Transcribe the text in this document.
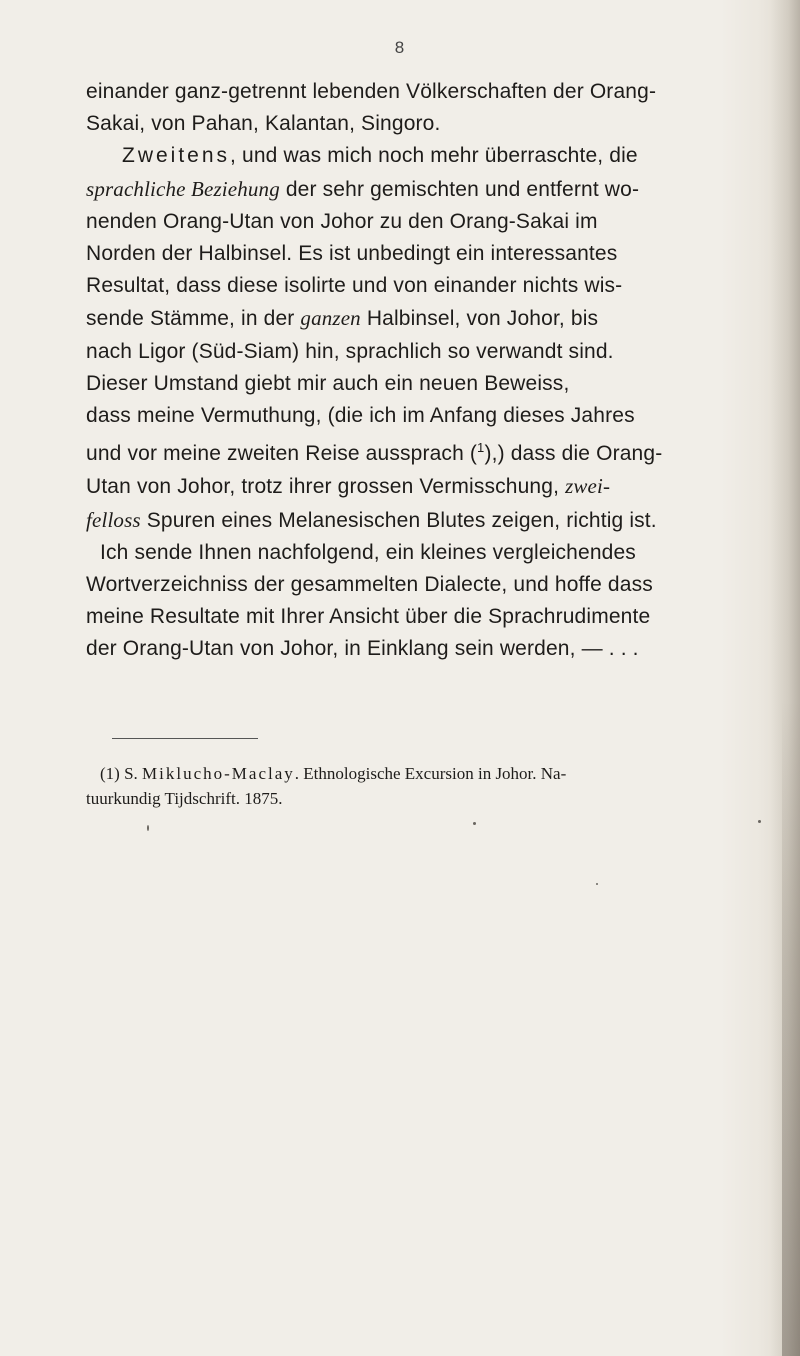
8
einander ganz-getrennt lebenden Völkerschaften der Orang-
Sakai, von Pahan, Kalantan, Singoro.
Zweitens, und was mich noch mehr überraschte, die
sprachliche Beziehung der sehr gemischten und entfernt wo-
nenden Orang-Utan von Johor zu den Orang-Sakai im
Norden der Halbinsel. Es ist unbedingt ein interessantes
Resultat, dass diese isolirte und von einander nichts wis-
sende Stämme, in der ganzen Halbinsel, von Johor, bis
nach Ligor (Süd-Siam) hin, sprachlich so verwandt sind.
Dieser Umstand giebt mir auch ein neuen Beweiss,
dass meine Vermuthung, (die ich im Anfang dieses Jahres
und vor meine zweiten Reise aussprach ($^1$),) dass die Orang-
Utan von Johor, trotz ihrer grossen Vermisschung, zwei-
felloss Spuren eines Melanesischen Blutes zeigen, richtig ist.
Ich sende Ihnen nachfolgend, ein kleines vergleichendes
Wortverzeichniss der gesammelten Dialecte, und hoffe dass
meine Resultate mit Ihrer Ansicht über die Sprachrudimente
der Orang-Utan von Johor, in Einklang sein werden, — . . .
(1) S. Miklucho-Maclay. Ethnologische Excursion in Johor. Na-
tuurkundig Tijdschrift. 1875.
